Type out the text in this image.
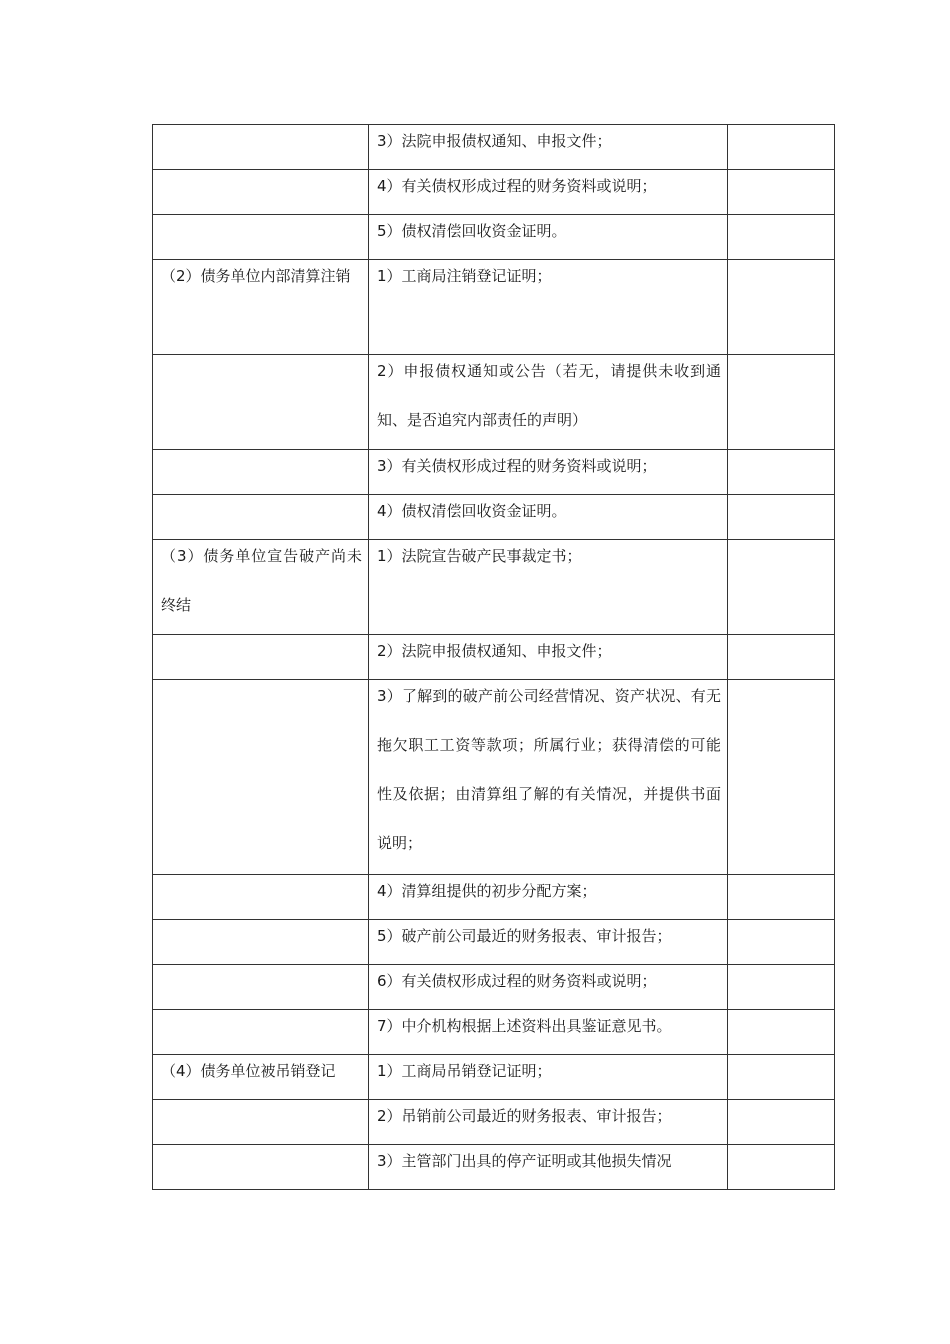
	3）法院申报债权通知、申报文件；	

	4）有关债权形成过程的财务资料或说明；	

	5）债权清偿回收资金证明。	

（2）债务单位内部清算注销	1）工商局注销登记证明；	

	2）申报债权通知或公告（若无，请提供未收到通知、是否追究内部责任的声明）	

	3）有关债权形成过程的财务资料或说明；	

	4）债权清偿回收资金证明。	

（3）债务单位宣告破产尚未终结	1）法院宣告破产民事裁定书；	

	2）法院申报债权通知、申报文件；	

	3）了解到的破产前公司经营情况、资产状况、有无拖欠职工工资等款项；所属行业；获得清偿的可能性及依据；由清算组了解的有关情况，并提供书面说明；	

	4）清算组提供的初步分配方案；	

	5）破产前公司最近的财务报表、审计报告；	

	6）有关债权形成过程的财务资料或说明；	

	7）中介机构根据上述资料出具鉴证意见书。	

（4）债务单位被吊销登记	1）工商局吊销登记证明；	

	2）吊销前公司最近的财务报表、审计报告；	

	3）主管部门出具的停产证明或其他损失情况	
